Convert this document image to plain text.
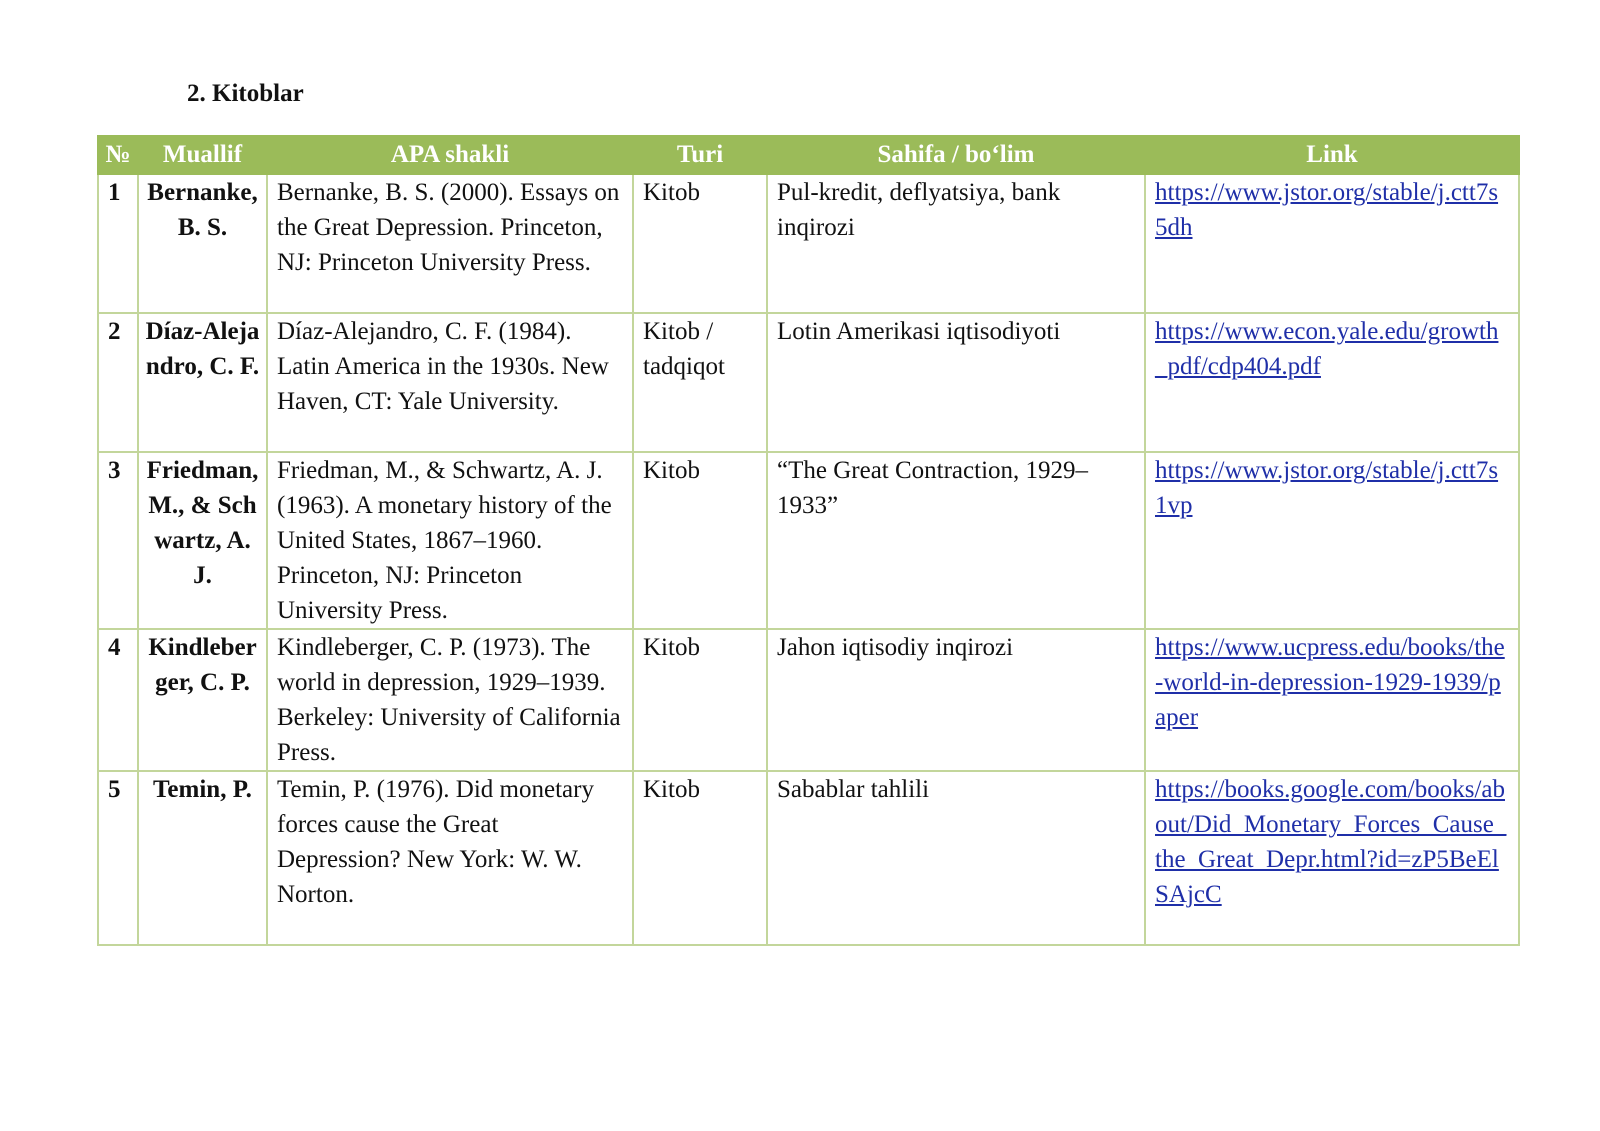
2. Kitoblar
№	Muallif	APA shakli	Turi	Sahifa / bo‘lim	Link
1	Bernanke, B. S.	Bernanke, B. S. (2000). Essays on the Great Depression. Princeton, NJ: Princeton University Press.	Kitob	Pul-kredit, deflyatsiya, bank inqirozi	https://www.jstor.org/stable/j.ctt7s5dh
2	Díaz-Alejandro, C. F.	Díaz-Alejandro, C. F. (1984). Latin America in the 1930s. New Haven, CT: Yale University.	Kitob / tadqiqot	Lotin Amerikasi iqtisodiyoti	https://www.econ.yale.edu/growth_pdf/cdp404.pdf
3	Friedman, M., & Schwartz, A. J.	Friedman, M., & Schwartz, A. J. (1963). A monetary history of the United States, 1867–1960. Princeton, NJ: Princeton University Press.	Kitob	“The Great Contraction, 1929–1933”	https://www.jstor.org/stable/j.ctt7s1vp
4	Kindleberger, C. P.	Kindleberger, C. P. (1973). The world in depression, 1929–1939. Berkeley: University of California Press.	Kitob	Jahon iqtisodiy inqirozi	https://www.ucpress.edu/books/the-world-in-depression-1929-1939/paper
5	Temin, P.	Temin, P. (1976). Did monetary forces cause the Great Depression? New York: W. W. Norton.	Kitob	Sabablar tahlili	https://books.google.com/books/about/Did_Monetary_Forces_Cause_the_Great_Depr.html?id=zP5BeElSAjcC
